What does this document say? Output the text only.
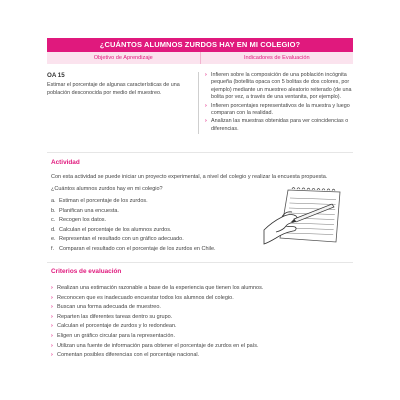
¿CUÁNTOS ALUMNOS ZURDOS HAY EN MI COLEGIO?
Objetivo de Aprendizaje	Indicadores de Evaluación
OA 15
Estimar el porcentaje de algunas características de una población desconocida por medio del muestreo.
› Infieren sobre la composición de una población incógnita pequeña (botellita opaca con 5 bolitas de dos colores, por ejemplo) mediante un muestreo aleatorio reiterado (de una bolita por vez, a través de una ventanita, por ejemplo).
› Infieren porcentajes representativos de la muestra y luego comparan con la realidad.
› Analizan las muestras obtenidas para ver coincidencias o diferencias.
Actividad
Con esta actividad se puede iniciar un proyecto experimental, a nivel del colegio y realizar la encuesta propuesta.
¿Cuántos alumnos zurdos hay en mi colegio?
a. Estiman el porcentaje de los zurdos.
b. Planifican una encuesta.
c. Recogen los datos.
d. Calculan el porcentaje de los alumnos zurdos.
e. Representan el resultado con un gráfico adecuado.
f. Comparan el resultado con el porcentaje de los zurdos en Chile.
Criterios de evaluación
› Realizan una estimación razonable a base de la experiencia que tienen los alumnos.
› Reconocen que es inadecuado encuestar todos los alumnos del colegio.
› Buscan una forma adecuada de muestreo.
› Reparten las diferentes tareas dentro su grupo.
› Calculan el porcentaje de zurdos y lo redondean.
› Eligen un gráfico circular para la representación.
› Utilizan una fuente de información para obtener el porcentaje de zurdos en el país.
› Comentan posibles diferencias con el porcentaje nacional.
